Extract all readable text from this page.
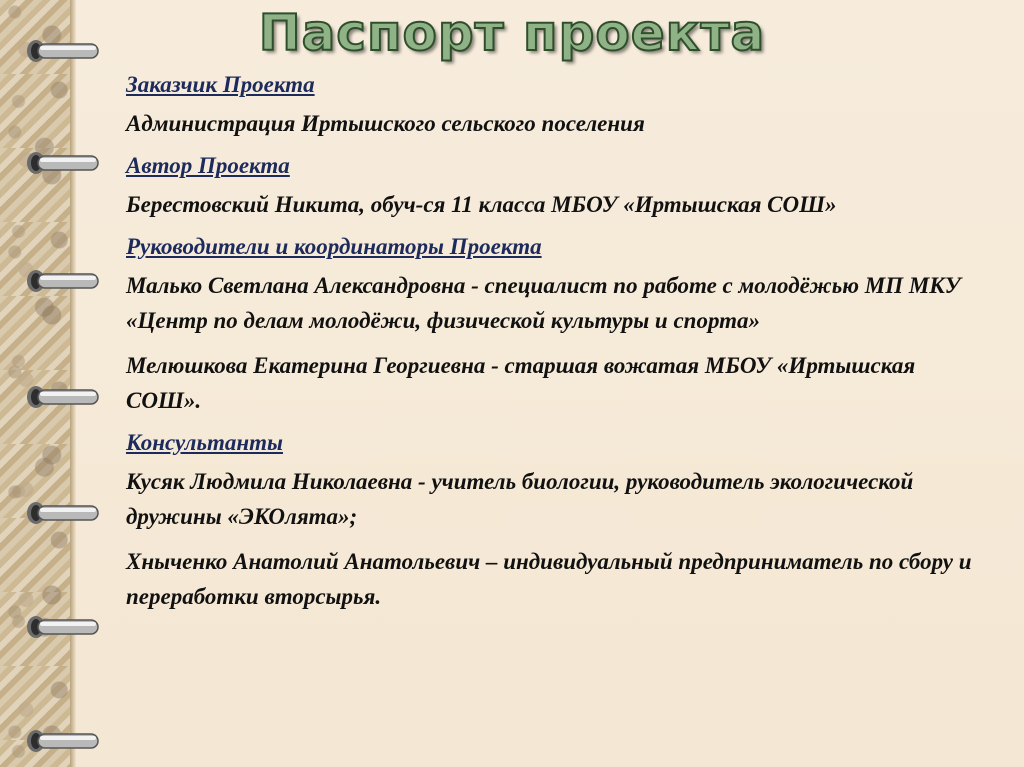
Паспорт проекта

Заказчик Проекта

Администрация Иртышского сельского поселения

Автор Проекта

Берестовский Никита, обуч-ся 11 класса МБОУ «Иртышская СОШ»

Руководители и координаторы Проекта

Малько Светлана Александровна - специалист по работе с молодёжью МП МКУ «Центр по делам молодёжи, физической культуры и спорта»

Мелюшкова Екатерина Георгиевна - старшая вожатая МБОУ «Иртышская СОШ».

Консультанты

Кусяк Людмила Николаевна - учитель биологии, руководитель экологической дружины «ЭКОлята»;

Хныченко Анатолий Анатольевич – индивидуальный предприниматель по сбору и переработки вторсырья.
